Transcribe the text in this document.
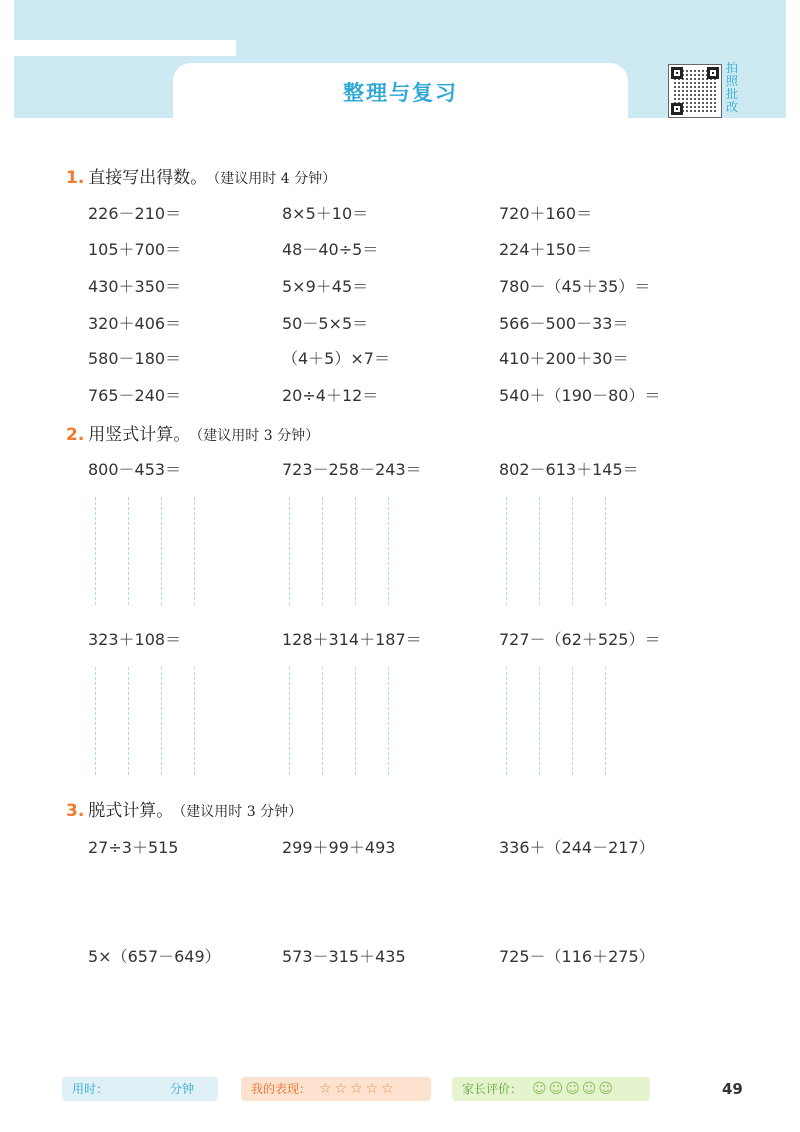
整理与复习
拍
照
批
改
1. 直接写出得数。 （建议用时 4 分钟）
226－210＝	8×5＋10＝	720＋160＝
105＋700＝	48－40÷5＝	224＋150＝
430＋350＝	5×9＋45＝	780－（45＋35）＝
320＋406＝	50－5×5＝	566－500－33＝
580－180＝	（4＋5）×7＝	410＋200＋30＝
765－240＝	20÷4＋12＝	540＋（190－80）＝
2. 用竖式计算。 （建议用时 3 分钟）
800－453＝	723－258－243＝	802－613＋145＝
323＋108＝	128＋314＋187＝	727－（62＋525）＝
3. 脱式计算。 （建议用时 3 分钟）
27÷3＋515	299＋99＋493	336＋（244－217）
5×（657－649）	573－315＋435	725－（116＋275）
用时：	分钟	我的表现： ☆☆☆☆☆	家长评价： ☺☺☺☺☺	49
